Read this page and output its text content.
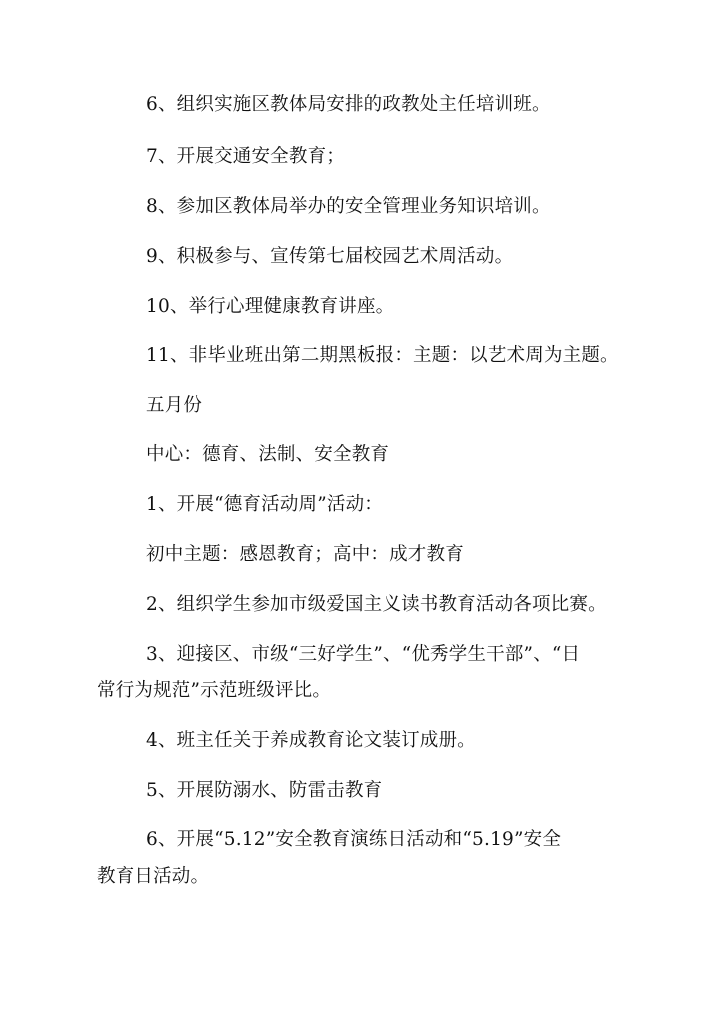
6、组织实施区教体局安排的政教处主任培训班。
7、开展交通安全教育；
8、参加区教体局举办的安全管理业务知识培训。
9、积极参与、宣传第七届校园艺术周活动。
10、举行心理健康教育讲座。
11、非毕业班出第二期黑板报：主题：以艺术周为主题。
五月份
中心：德育、法制、安全教育
1、开展“德育活动周”活动：
初中主题：感恩教育；高中：成才教育
2、组织学生参加市级爱国主义读书教育活动各项比赛。
3、迎接区、市级“三好学生”、“优秀学生干部”、“日
常行为规范”示范班级评比。
4、班主任关于养成教育论文装订成册。
5、开展防溺水、防雷击教育
6、开展“5.12”安全教育演练日活动和“5.19”安全
教育日活动。
